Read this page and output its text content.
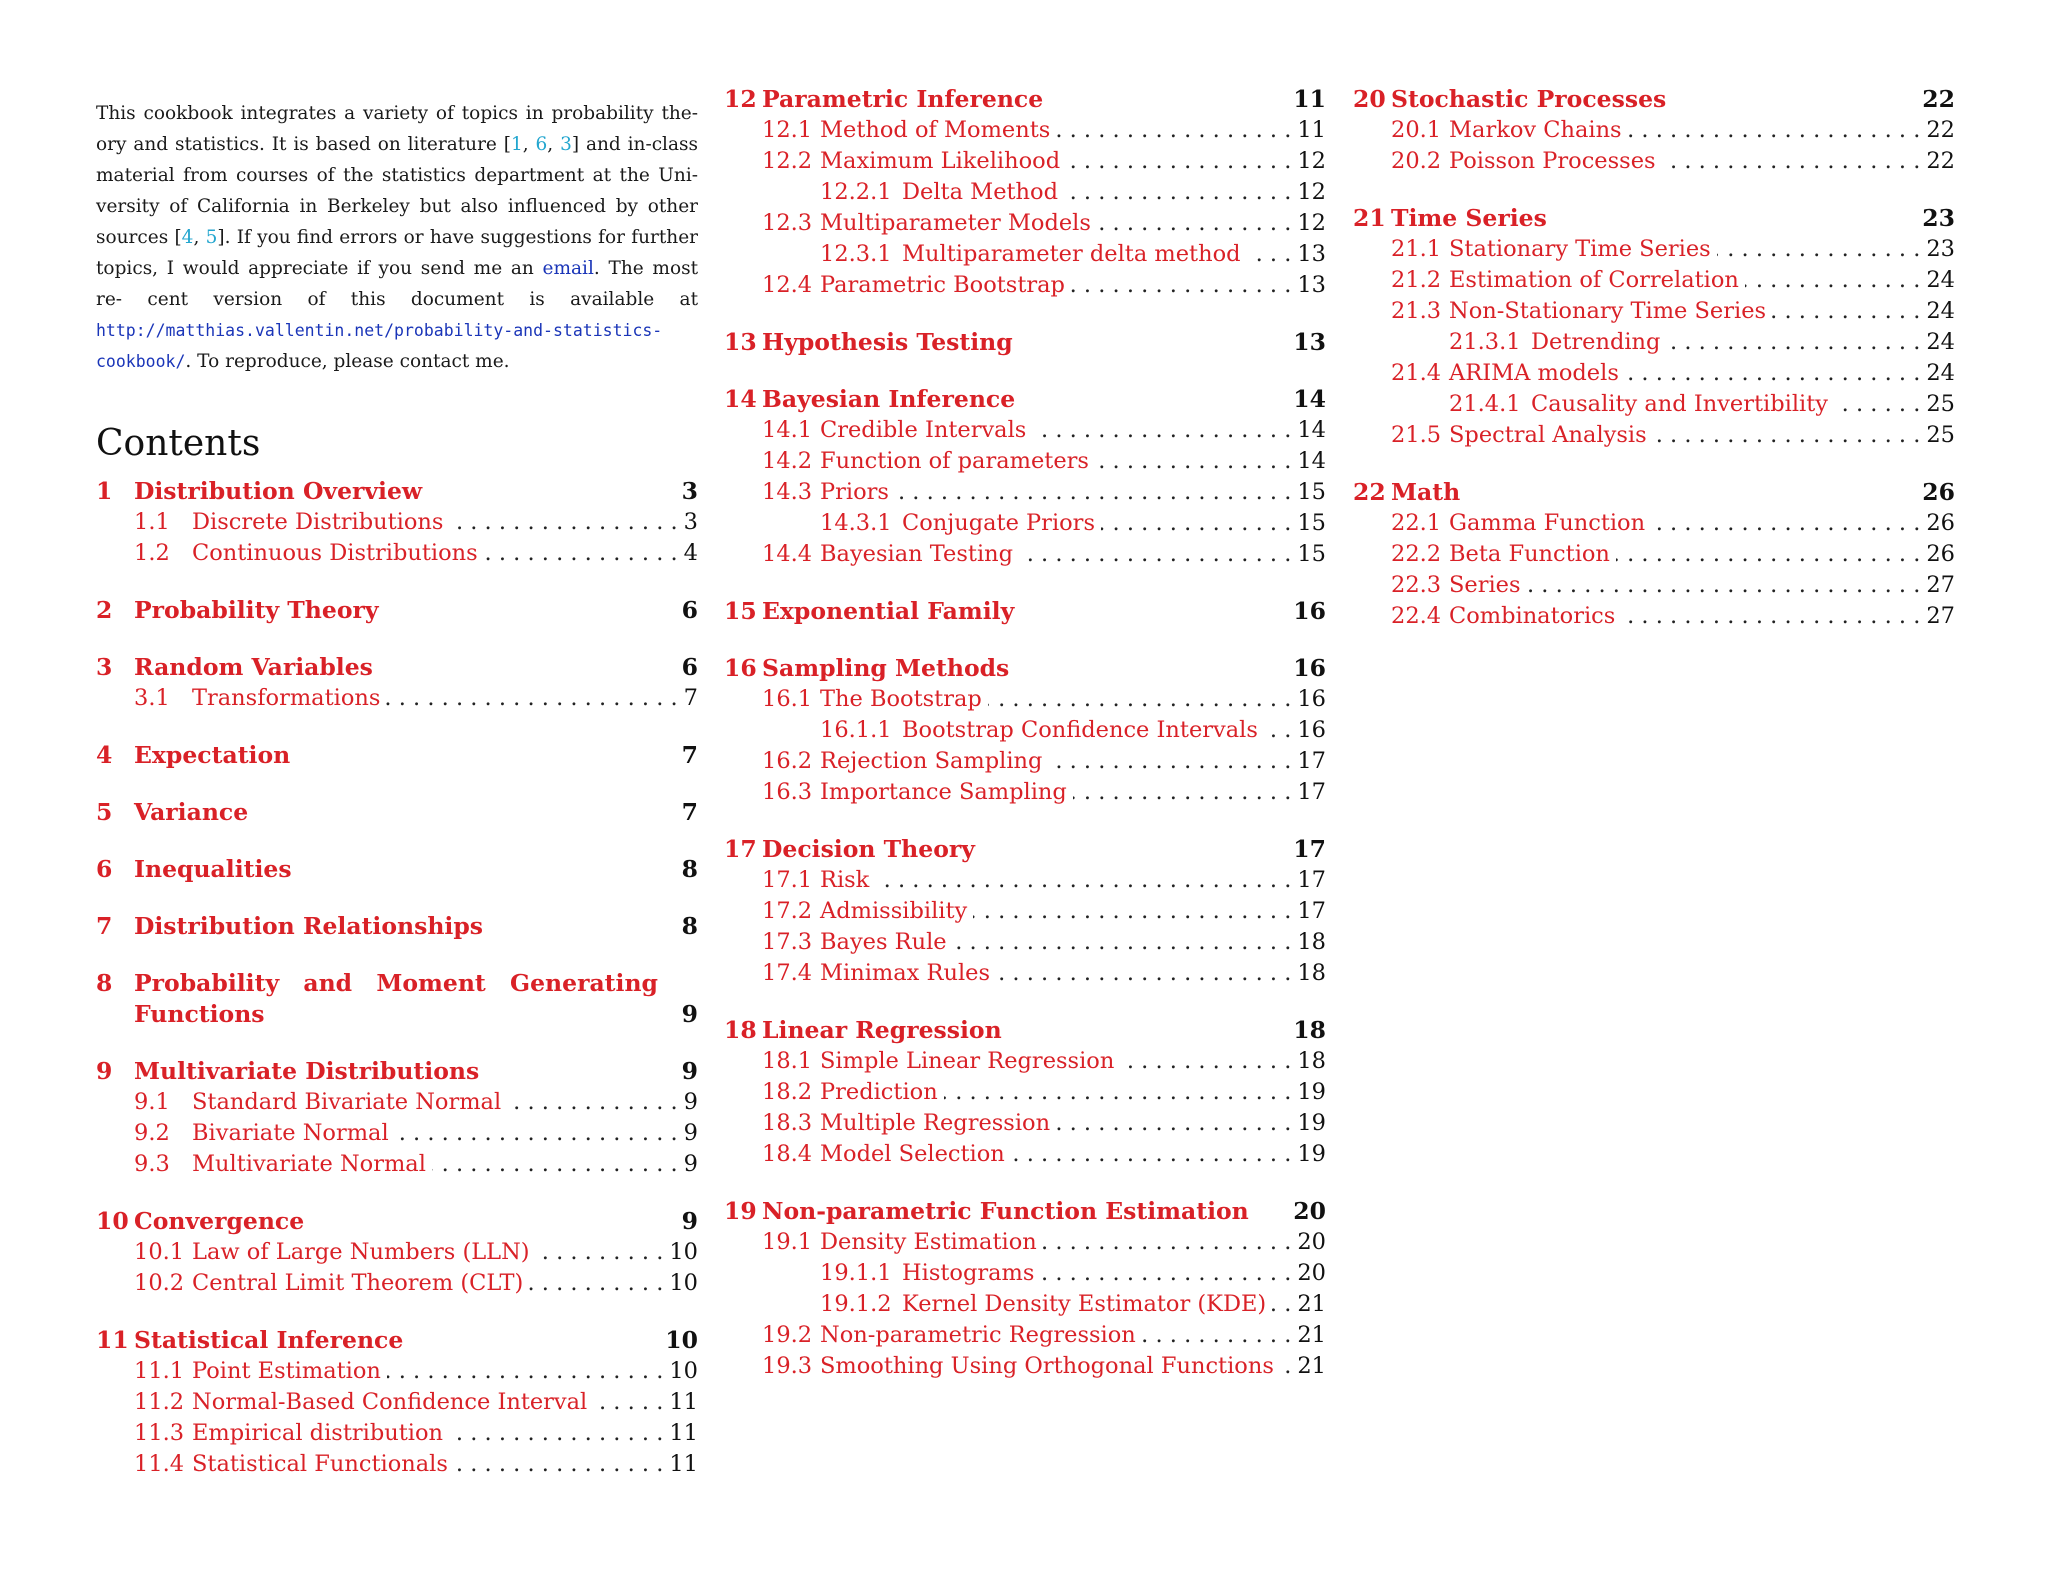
This cookbook integrates a variety of topics in probability the- ory and statistics. It is based on literature [1, 6, 3] and in-class material from courses of the statistics department at the Uni- versity of California in Berkeley but also influenced by other sources [4, 5]. If you find errors or have suggestions for further topics, I would appreciate if you send me an email. The most re- cent version of this document is available at http://matthias.vallentin.net/probability-and-statistics-cookbook/. To reproduce, please contact me.
Contents
1 Distribution Overview	3
1.1 Discrete Distributions . . .	3
1.2 Continuous Distributions . . .	4
2 Probability Theory	6
3 Random Variables	6
3.1 Transformations . . .	7
4 Expectation	7
5 Variance	7
6 Inequalities	8
7 Distribution Relationships	8
8 Probability and Moment Generating
Functions	9
9 Multivariate Distributions	9
9.1 Standard Bivariate Normal . . .	9
9.2 Bivariate Normal . . .	9
9.3 Multivariate Normal . . .	9
10 Convergence	9
10.1 Law of Large Numbers (LLN) . . .	10
10.2 Central Limit Theorem (CLT) . . .	10
11 Statistical Inference	10
11.1 Point Estimation . . .	10
11.2 Normal-Based Confidence Interval . . .	11
11.3 Empirical distribution . . .	11
11.4 Statistical Functionals . . .	11
12 Parametric Inference	11
12.1 Method of Moments . . .	11
12.2 Maximum Likelihood . . .	12
12.2.1 Delta Method . . .	12
12.3 Multiparameter Models . . .	12
12.3.1 Multiparameter delta method . . .	13
12.4 Parametric Bootstrap . . .	13
13 Hypothesis Testing	13
14 Bayesian Inference	14
14.1 Credible Intervals . . .	14
14.2 Function of parameters . . .	14
14.3 Priors . . .	15
14.3.1 Conjugate Priors . . .	15
14.4 Bayesian Testing . . .	15
15 Exponential Family	16
16 Sampling Methods	16
16.1 The Bootstrap . . .	16
16.1.1 Bootstrap Confidence Intervals . . . 16
16.2 Rejection Sampling . . .	17
16.3 Importance Sampling . . .	17
17 Decision Theory	17
17.1 Risk . . .	17
17.2 Admissibility . . .	17
17.3 Bayes Rule . . .	18
17.4 Minimax Rules . . .	18
18 Linear Regression	18
18.1 Simple Linear Regression . . .	18
18.2 Prediction . . .	19
18.3 Multiple Regression . . .	19
18.4 Model Selection . . .	19
19 Non-parametric Function Estimation 20
19.1 Density Estimation . . .	20
19.1.1 Histograms . . .	20
19.1.2 Kernel Density Estimator (KDE) . . . 21
19.2 Non-parametric Regression . . .	21
19.3 Smoothing Using Orthogonal Functions . . . 21
20 Stochastic Processes	22
20.1 Markov Chains . . .	22
20.2 Poisson Processes . . .	22
21 Time Series	23
21.1 Stationary Time Series . . .	23
21.2 Estimation of Correlation . . .	24
21.3 Non-Stationary Time Series . . .	24
21.3.1 Detrending . . .	24
21.4 ARIMA models . . .	24
21.4.1 Causality and Invertibility . . .	25
21.5 Spectral Analysis . . .	25
22 Math	26
22.1 Gamma Function . . .	26
22.2 Beta Function . . .	26
22.3 Series . . .	27
22.4 Combinatorics . . .	27
